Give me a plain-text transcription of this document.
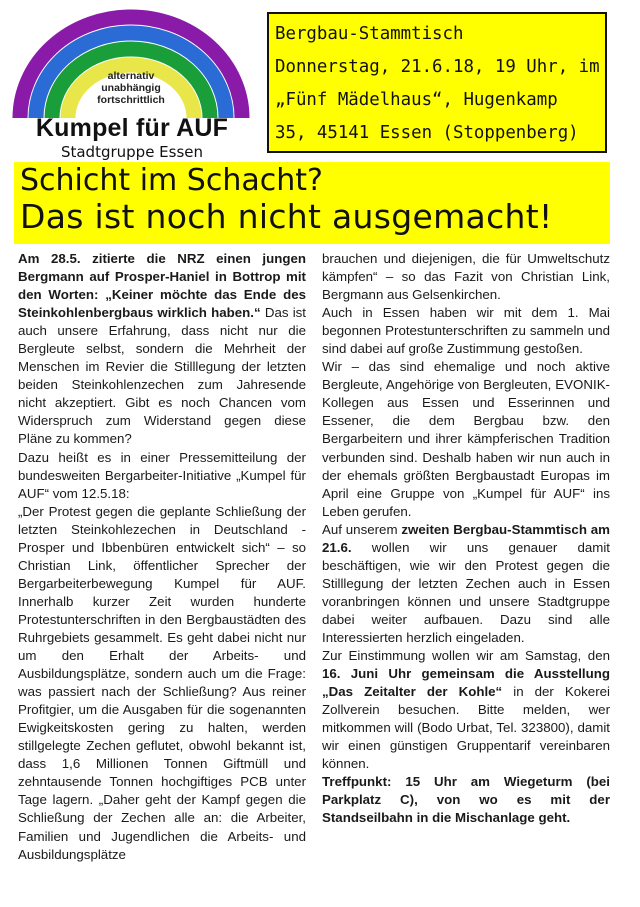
alternativ
unabhängig
fortschrittlich
Kumpel für AUF
Stadtgruppe Essen
Bergbau-Stammtisch
Donnerstag, 21.6.18, 19 Uhr, im
„Fünf Mädelhaus“, Hugenkamp
35, 45141 Essen (Stoppenberg)
Schicht im Schacht?
Das ist noch nicht ausgemacht!

Am 28.5. zitierte die NRZ einen jungen Bergmann auf Prosper-Haniel in Bottrop mit den Worten: „Keiner möchte das Ende des Steinkohlenbergbaus wirklich haben.“ Das ist auch unsere Erfahrung, dass nicht nur die Bergleute selbst, sondern die Mehrheit der Menschen im Revier die Stilllegung der letzten beiden Steinkohlenzechen zum Jahresende nicht akzeptiert. Gibt es noch Chancen vom Widerspruch zum Widerstand gegen diese Pläne zu kommen?

Dazu heißt es in einer Pressemitteilung der bundesweiten Bergarbeiter-Initiative „Kumpel für AUF“ vom 12.5.18:

„Der Protest gegen die geplante Schließung der letzten Steinkohlezechen in Deutschland - Prosper und Ibbenbüren entwickelt sich“ – so Christian Link, öffentlicher Sprecher der Bergarbeiterbewegung Kumpel für AUF. Innerhalb kurzer Zeit wurden hunderte Protestunterschriften in den Bergbaustädten des Ruhrgebiets gesammelt. Es geht dabei nicht nur um den Erhalt der Arbeits- und Ausbildungsplätze, sondern auch um die Frage: was passiert nach der Schließung? Aus reiner Profitgier, um die Ausgaben für die sogenannten Ewigkeitskosten gering zu halten, werden stillgelegte Zechen geflutet, obwohl bekannt ist, dass 1,6 Millionen Tonnen Giftmüll und zehntausende Tonnen hochgiftiges PCB unter Tage lagern. „Daher geht der Kampf gegen die Schließung der Zechen alle an: die Arbeiter, Familien und Jugendlichen die Arbeits- und Ausbildungsplätze

brauchen und diejenigen, die für Umweltschutz kämpfen“ – so das Fazit von Christian Link, Bergmann aus Gelsenkirchen.

Auch in Essen haben wir mit dem 1. Mai begonnen Protestunterschriften zu sammeln und sind dabei auf große Zustimmung gestoßen.

Wir – das sind ehemalige und noch aktive Bergleute, Angehörige von Bergleuten, EVONIK-Kollegen aus Essen und Esserinnen und Essener, die dem Bergbau bzw. den Bergarbeitern und ihrer kämpferischen Tradition verbunden sind. Deshalb haben wir nun auch in der ehemals größten Bergbaustadt Europas im April eine Gruppe von „Kumpel für AUF“ ins Leben gerufen.

Auf unserem zweiten Bergbau-Stammtisch am 21.6. wollen wir uns genauer damit beschäftigen, wie wir den Protest gegen die Stilllegung der letzten Zechen auch in Essen voranbringen können und unsere Stadtgruppe dabei weiter aufbauen. Dazu sind alle Interessierten herzlich eingeladen.

Zur Einstimmung wollen wir am Samstag, den 16. Juni Uhr gemeinsam die Ausstellung „Das Zeitalter der Kohle“ in der Kokerei Zollverein besuchen. Bitte melden, wer mitkommen will (Bodo Urbat, Tel. 323800), damit wir einen günstigen Gruppentarif vereinbaren können.

Treffpunkt: 15 Uhr am Wiegeturm (bei Parkplatz C), von wo es mit der Standseilbahn in die Mischanlage geht.
